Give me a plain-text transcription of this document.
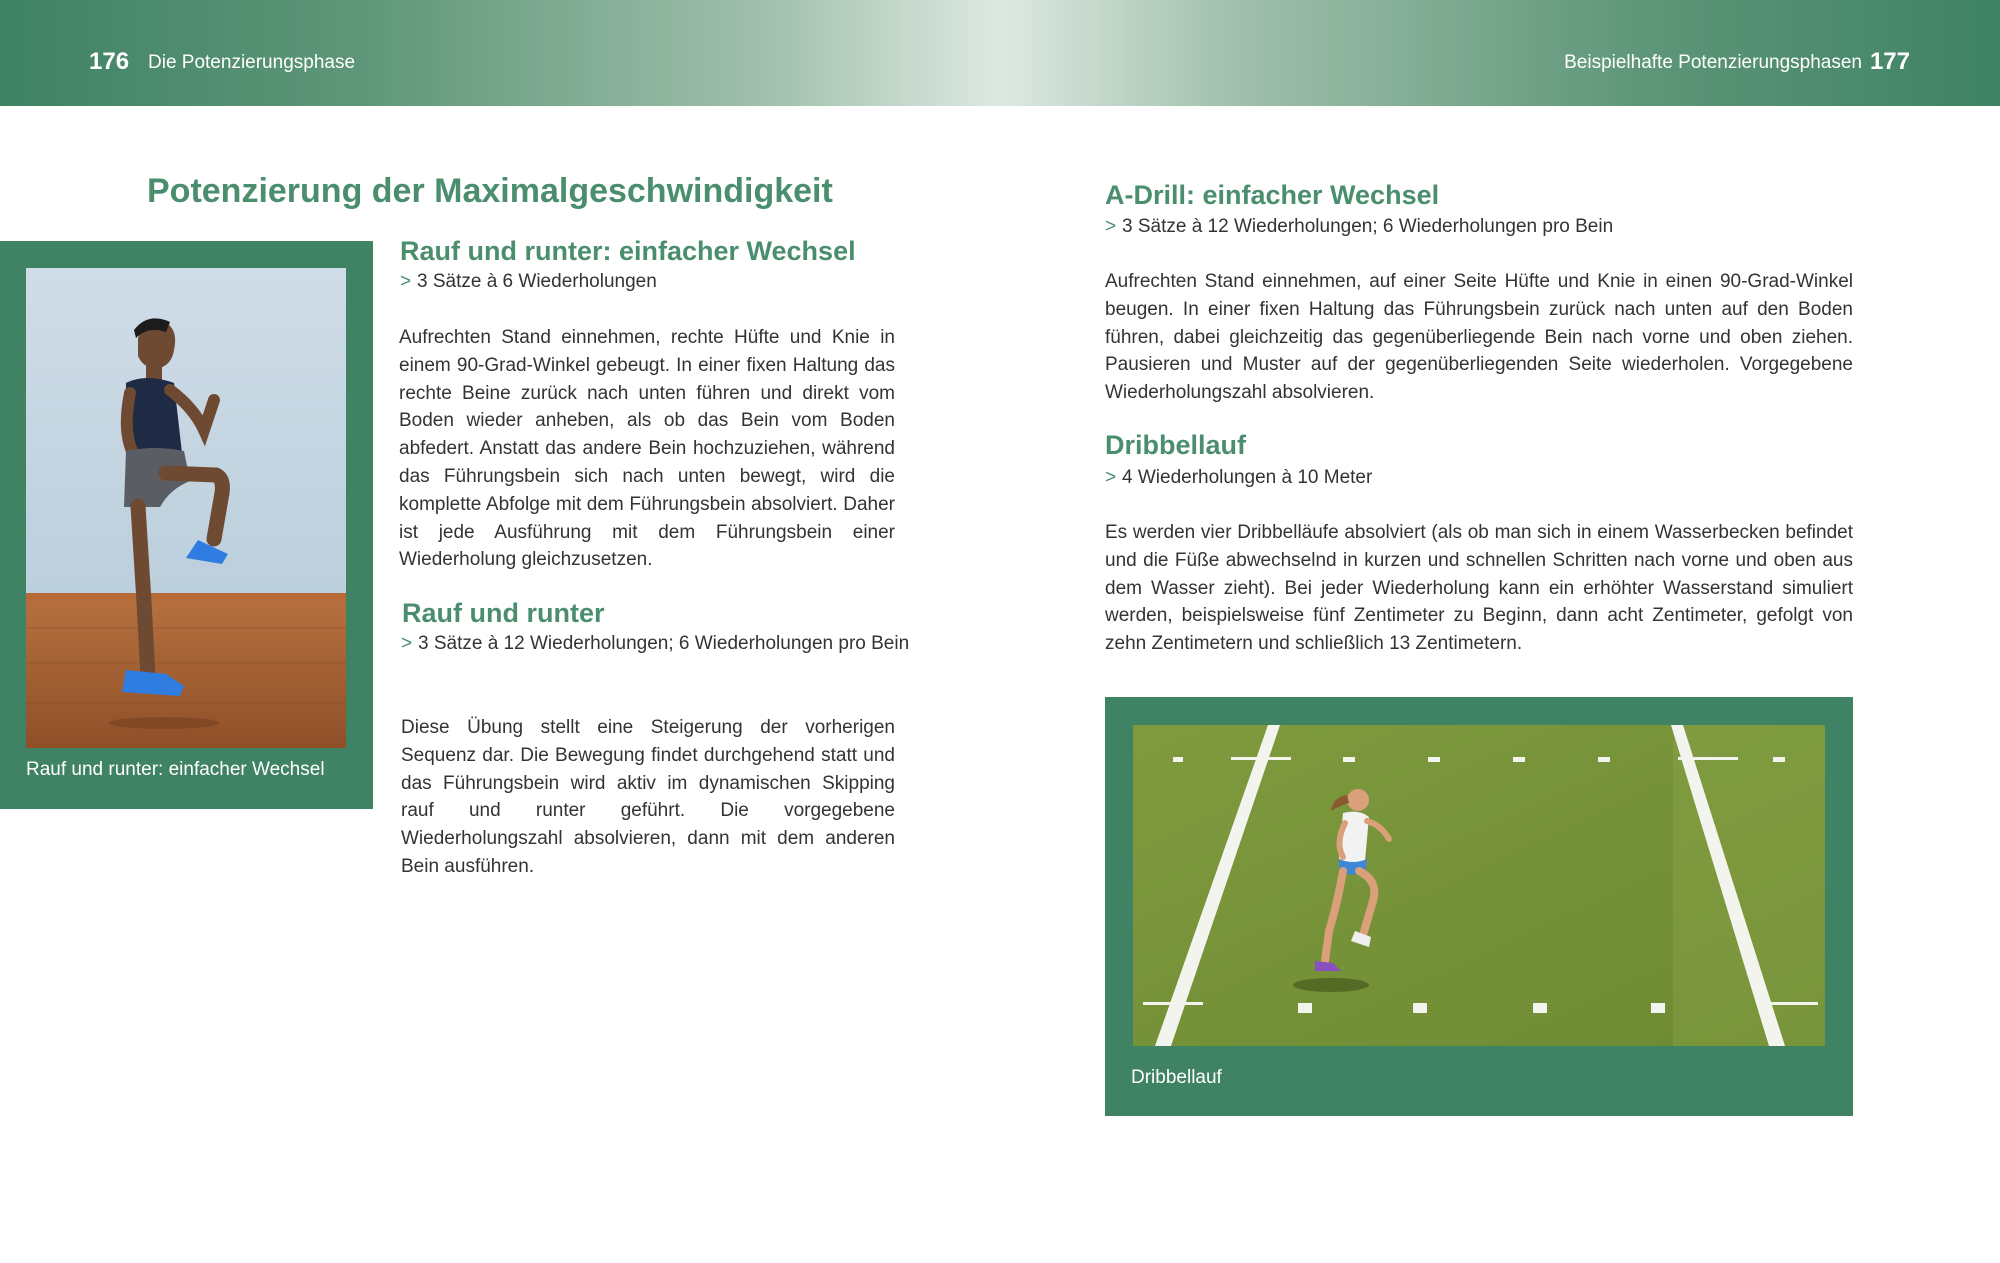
176 Die Potenzierungsphase	Beispielhafte Potenzierungsphasen 177
Potenzierung der Maximalgeschwindigkeit
Rauf und runter: einfacher Wechsel
Rauf und runter: einfacher Wechsel
> 3 Sätze à 6 Wiederholungen

Aufrechten Stand einnehmen, rechte Hüfte und Knie in einem 90-Grad-Winkel gebeugt. In einer fixen Haltung das rechte Beine zurück nach unten führen und direkt vom Boden wieder anheben, als ob das Bein vom Boden abfedert. Anstatt das andere Bein hochzuziehen, während das Führungsbein sich nach unten bewegt, wird die komplette Abfolge mit dem Führungsbein absolviert. Daher ist jede Ausführung mit dem Führungsbein einer Wiederholung gleichzusetzen.

Rauf und runter
> 3 Sätze à 12 Wiederholungen; 6 Wiederholungen pro Bein

Diese Übung stellt eine Steigerung der vorherigen Sequenz dar. Die Bewegung findet durchgehend statt und das Führungsbein wird aktiv im dynamischen Skipping rauf und runter geführt. Die vorgegebene Wiederholungszahl absolvieren, dann mit dem anderen Bein ausführen.

A-Drill: einfacher Wechsel
> 3 Sätze à 12 Wiederholungen; 6 Wiederholungen pro Bein

Aufrechten Stand einnehmen, auf einer Seite Hüfte und Knie in einen 90-Grad-Winkel beugen. In einer fixen Haltung das Führungsbein zurück nach unten auf den Boden führen, dabei gleichzeitig das gegenüberliegende Bein nach vorne und oben ziehen. Pausieren und Muster auf der gegenüberliegenden Seite wiederholen. Vorgegebene Wiederholungszahl absolvieren.

Dribbellauf
> 4 Wiederholungen à 10 Meter

Es werden vier Dribbelläufe absolviert (als ob man sich in einem Wasserbecken befindet und die Füße abwechselnd in kurzen und schnellen Schritten nach vorne und oben aus dem Wasser zieht). Bei jeder Wiederholung kann ein erhöhter Wasserstand simuliert werden, beispielsweise fünf Zentimeter zu Beginn, dann acht Zentimeter, gefolgt von zehn Zentimetern und schließlich 13 Zentimetern.

Dribbellauf
